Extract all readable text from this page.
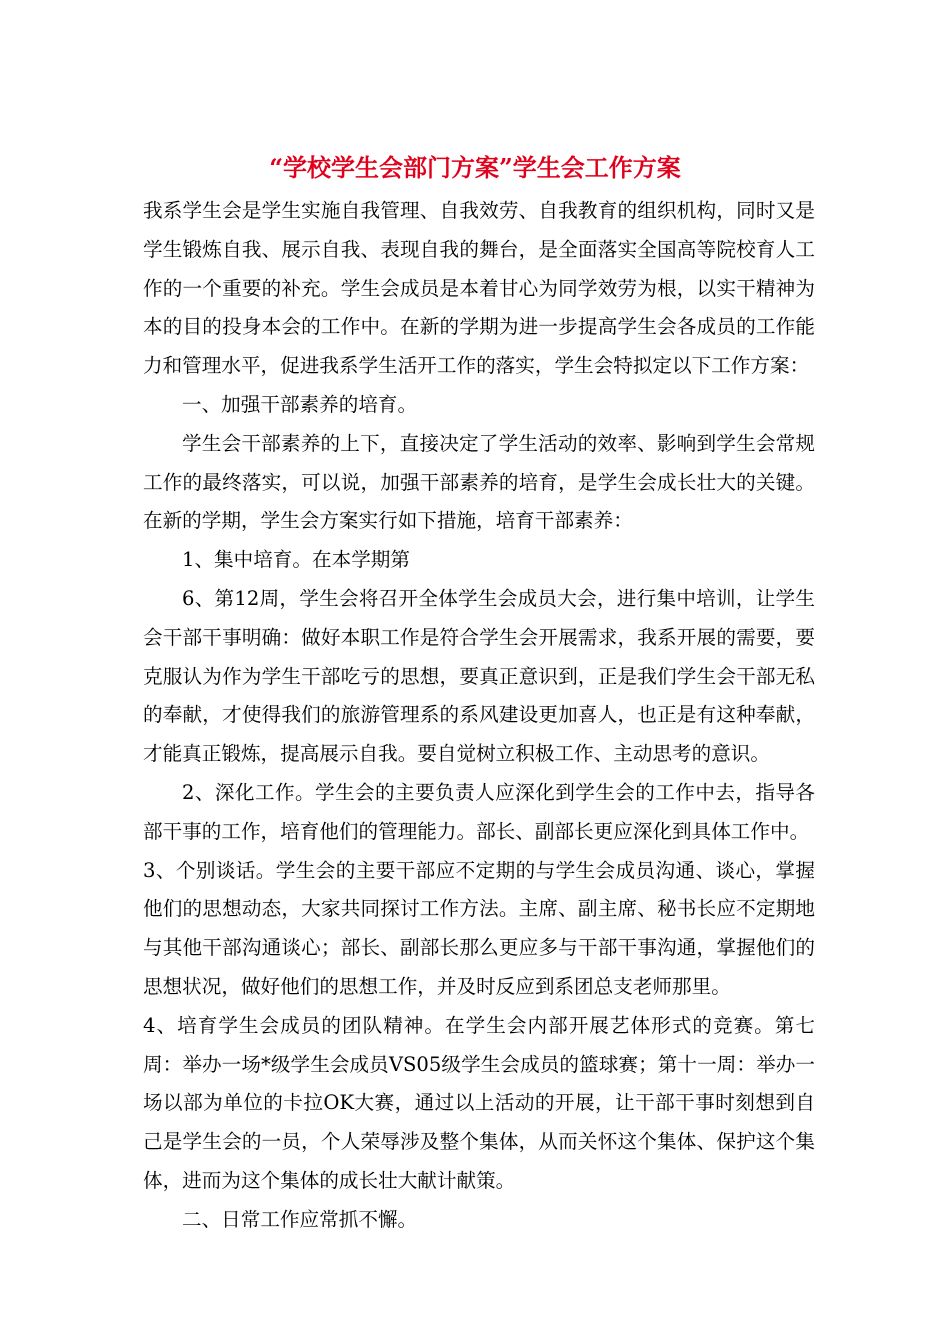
“学校学生会部门方案”学生会工作方案

我系学生会是学生实施自我管理、自我效劳、自我教育的组织机构，同时又是学生锻炼自我、展示自我、表现自我的舞台，是全面落实全国高等院校育人工作的一个重要的补充。学生会成员是本着甘心为同学效劳为根，以实干精神为本的目的投身本会的工作中。在新的学期为进一步提高学生会各成员的工作能力和管理水平，促进我系学生活开工作的落实，学生会特拟定以下工作方案：

一、加强干部素养的培育。

学生会干部素养的上下，直接决定了学生活动的效率、影响到学生会常规工作的最终落实，可以说，加强干部素养的培育，是学生会成长壮大的关键。在新的学期，学生会方案实行如下措施，培育干部素养：

1、集中培育。在本学期第

6、第12周，学生会将召开全体学生会成员大会，进行集中培训，让学生会干部干事明确：做好本职工作是符合学生会开展需求，我系开展的需要，要克服认为作为学生干部吃亏的思想，要真正意识到，正是我们学生会干部无私的奉献，才使得我们的旅游管理系的系风建设更加喜人，也正是有这种奉献，才能真正锻炼，提高展示自我。要自觉树立积极工作、主动思考的意识。

2、深化工作。学生会的主要负责人应深化到学生会的工作中去，指导各部干事的工作，培育他们的管理能力。部长、副部长更应深化到具体工作中。

3、个别谈话。学生会的主要干部应不定期的与学生会成员沟通、谈心，掌握他们的思想动态，大家共同探讨工作方法。主席、副主席、秘书长应不定期地与其他干部沟通谈心；部长、副部长那么更应多与干部干事沟通，掌握他们的思想状况，做好他们的思想工作，并及时反应到系团总支老师那里。

4、培育学生会成员的团队精神。在学生会内部开展艺体形式的竞赛。第七周：举办一场*级学生会成员VS05级学生会成员的篮球赛；第十一周：举办一场以部为单位的卡拉OK大赛，通过以上活动的开展，让干部干事时刻想到自己是学生会的一员，个人荣辱涉及整个集体，从而关怀这个集体、保护这个集体，进而为这个集体的成长壮大献计献策。

二、日常工作应常抓不懈。
